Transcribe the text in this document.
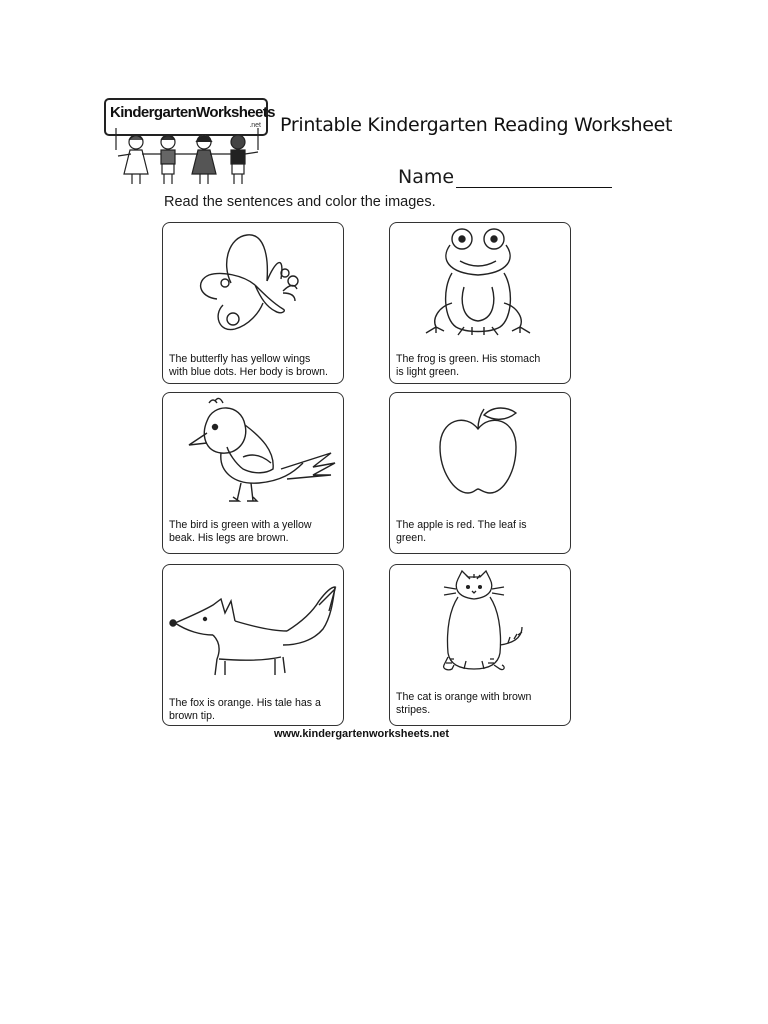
KindergartenWorksheets
.net Printable Kindergarten Reading Worksheet
Name
Read the sentences and color the images.
The butterfly has yellow wings
with blue dots. Her body is brown.
The frog is green. His stomach
is light green.
The bird is green with a yellow
beak. His legs are brown.
The apple is red. The leaf is
green.
The fox is orange. His tale has a
brown tip.
The cat is orange with brown
stripes.
www.kindergartenworksheets.net
